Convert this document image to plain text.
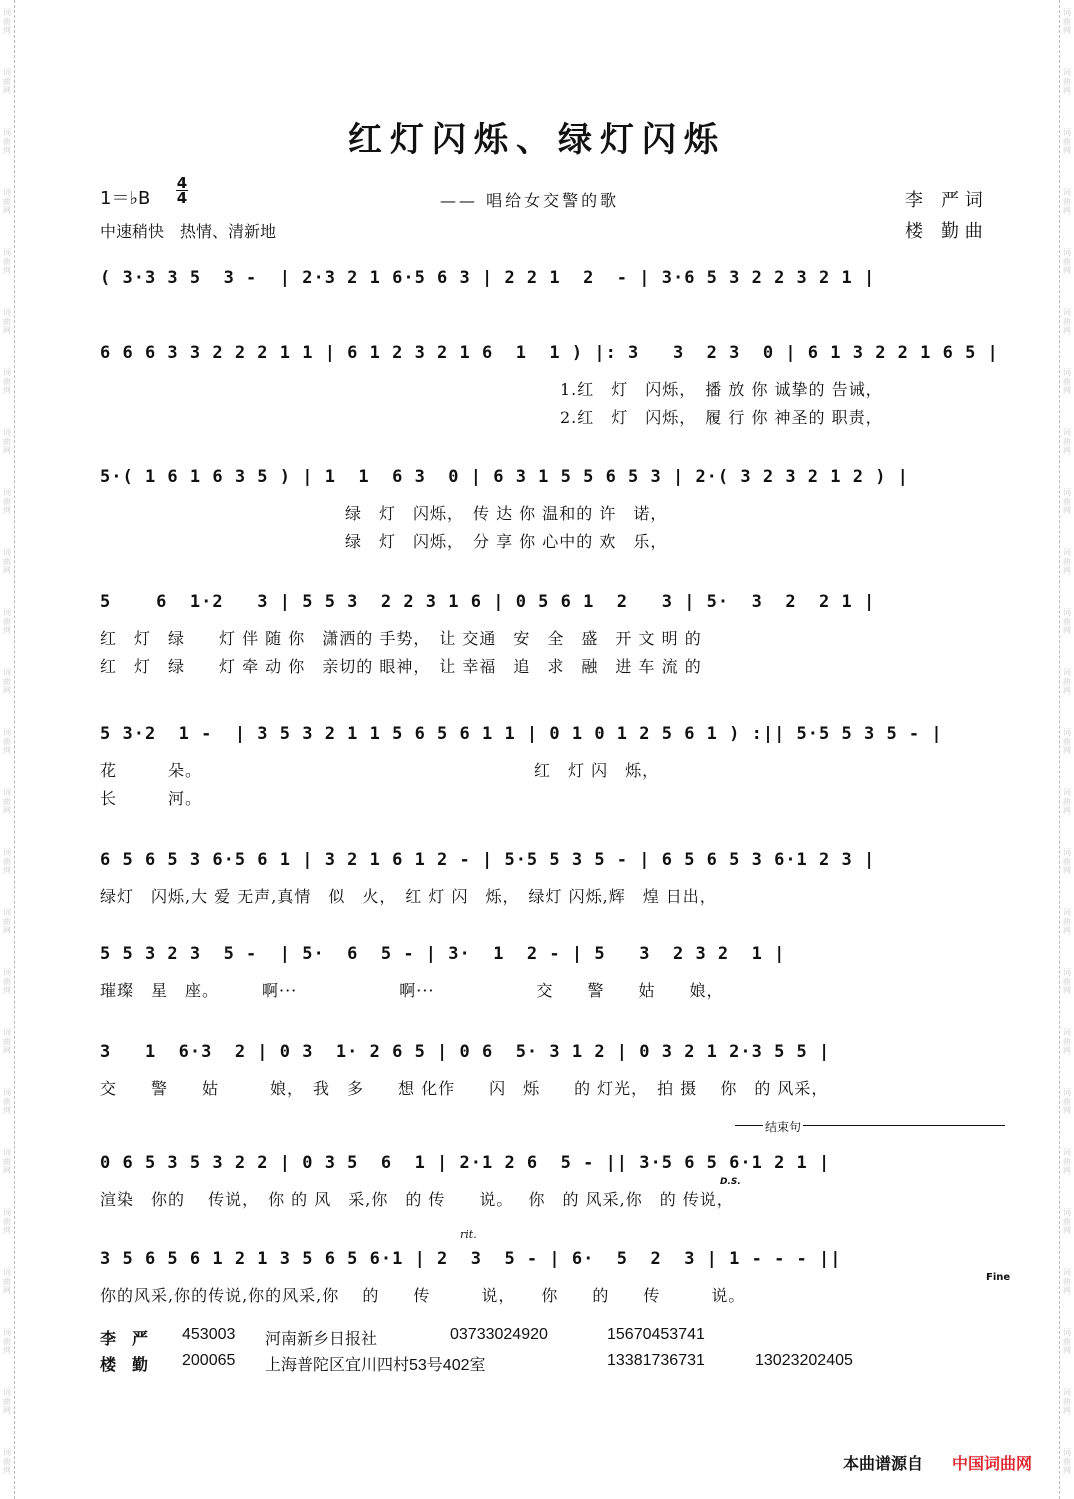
词
曲
网
词
曲
网
词
曲
网
词
曲
网
词
曲
网
词
曲
网
词
曲
网
词
曲
网
词
曲
网
词
曲
网
词
曲
网
词
曲
网
词
曲
网
词
曲
网
词
曲
网
词
曲
网
词
曲
网
词
曲
网
词
曲
网
词
曲
网
词
曲
网
词
曲
网
词
曲
网
词
曲
网
词
曲
网
词
曲
网
词
曲
网
词
曲
网
词
曲
网
词
曲
网
词
曲
网
词
曲
网
词
曲
网
词
曲
网
词
曲
网
词
曲
网
词
曲
网
词
曲
网
词
曲
网
词
曲
网
词
曲
网
词
曲
网
词
曲
网
词
曲
网
词
曲
网
词
曲
网
词
曲
网
词
曲
网
词
曲
网
词
曲
网
红灯闪烁、绿灯闪烁
1＝♭B
4
4	—— 唱给女交警的歌
中速稍快　热情、清新地
李　严 词
楼　勤 曲
( 3·3 3 5  3 -  | 2·3 2 1 6·5 6 3 | 2 2 1  2  - | 3·6 5 3 2 2 3 2 1 |
6 6 6 3 3 2 2 2 1 1 | 6 1 2 3 2 1 6  1  1 ) |: 3   3  2 3  0 | 6 1 3 2 2 1 6 5 |
1.红　灯　闪烁，　播 放 你 诚挚的 告诫，
2.红　灯　闪烁，　履 行 你 神圣的 职责，
5·( 1 6 1 6 3 5 ) | 1  1  6 3  0 | 6 3 1 5 5 6 5 3 | 2·( 3 2 3 2 1 2 ) |
绿　灯　闪烁，　传 达 你 温和的 许　诺，
绿　灯　闪烁，　分 享 你 心中的 欢　乐，
5    6  1·2   3 | 5 5 3  2 2 3 1 6 | 0 5 6 1  2   3 | 5·  3  2  2 1 |
红　灯　绿　　灯 伴 随 你　潇洒的 手势，　让 交通　安　全　盛　开 文 明 的
红　灯　绿　　灯 牵 动 你　亲切的 眼神，　让 幸福　追　求　融　进 车 流 的
5 3·2  1 -  | 3 5 3 2 1 1 5 6 5 6 1 1 | 0 1 0 1 2 5 6 1 ) :|| 5·5 5 3 5 - |
花　　　朵。　　　　　　　　　　　　　　　　　　　　红　灯 闪　烁，
长　　　河。
6 5 6 5 3 6·5 6 1 | 3 2 1 6 1 2 - | 5·5 5 3 5 - | 6 5 6 5 3 6·1 2 3 |
绿灯　闪烁,大 爱 无声,真情　似　火，　红 灯 闪　烁，　绿灯 闪烁,辉　煌 日出，
5 5 3 2 3  5 -  | 5·  6  5 - | 3·  1  2 - | 5   3  2 3 2  1 |
璀璨　星　座。　　　啊···　　　　　　啊···　　　　　　交　　警　　姑　　娘，
3   1  6·3  2 | 0 3  1· 2 6 5 | 0 6  5· 3 1 2 | 0 3 2 1 2·3 5 5 |
交　　警　　姑　　　娘，　我　多　　想 化作　　闪　烁　　的 灯光，　拍 摄　 你　的 风采，
0 6 5 3 5 3 2 2 | 0 3 5  6  1 | 2·1 2 6  5 - || 3·5 6 5 6·1 2 1 |
渲染　你的　 传说，　你 的 风　采,你　的 传　　说。　 你　的 风采,你　的 传说，
3 5 6 5 6 1 2 1 3 5 6 5 6·1 | 2  3  5 - | 6·  5  2  3 | 1 - - - ||
你的风采,你的传说,你的风采,你　 的　　传　　　说，　　你　　的　　传　　　说。
结束句
D.S.
Fine
rit.
李　严 453003 河南新乡日报社	03733024920	15670453741
楼　勤 200065 上海普陀区宜川四村53号402室	13381736731	13023202405
本曲谱源自 中国词曲网
